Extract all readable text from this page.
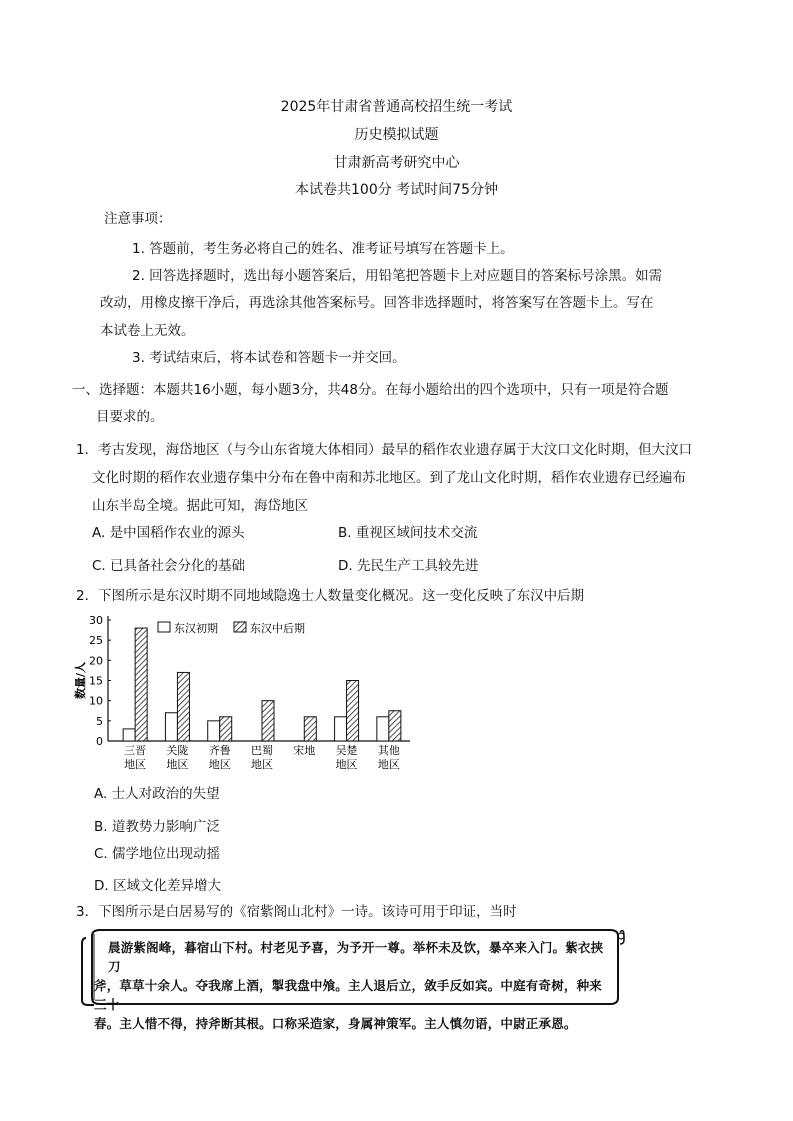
2025年甘肃省普通高校招生统一考试
历史模拟试题
甘肃新高考研究中心
本试卷共100分 考试时间75分钟
注意事项：
1. 答题前，考生务必将自己的姓名、准考证号填写在答题卡上。
2. 回答选择题时，选出每小题答案后，用铅笔把答题卡上对应题目的答案标号涂黑。如需
改动，用橡皮擦干净后，再选涂其他答案标号。回答非选择题时，将答案写在答题卡上。写在
本试卷上无效。
3. 考试结束后，将本试卷和答题卡一并交回。
一、选择题：本题共16小题，每小题3分，共48分。在每小题给出的四个选项中，只有一项是符合题
目要求的。
1．考古发现，海岱地区（与今山东省境大体相同）最早的稻作农业遗存属于大汶口文化时期，但大汶口
文化时期的稻作农业遗存集中分布在鲁中南和苏北地区。到了龙山文化时期，稻作农业遗存已经遍布
山东半岛全境。据此可知，海岱地区
A. 是中国稻作农业的源头	B. 重视区域间技术交流
C. 已具备社会分化的基础	D. 先民生产工具较先进
2．下图所示是东汉时期不同地域隐逸士人数量变化概况。这一变化反映了东汉中后期
0
5
10
15
20
25
30
数量/人
三晋
地区
关陇
地区
齐鲁
地区
巴蜀
地区
宋地 吴楚
地区
其他
地区
东汉初期	东汉中后期
A. 士人对政治的失望
B. 道教势力影响广泛
C. 儒学地位出现动摇
D. 区域文化差异增大
3．下图所示是白居易写的《宿紫阁山北村》一诗。该诗可用于印证，当时
晨游紫阁峰，暮宿山下村。村老见予喜，为予开一尊。举杯未及饮，暴卒来入门。紫衣挟刀
斧，草草十余人。夺我席上酒，掣我盘中飧。主人退后立，敛手反如宾。中庭有奇树，种来三十
春。主人惜不得，持斧断其根。口称采造家，身属神策军。主人慎勿语，中尉正承恩。
